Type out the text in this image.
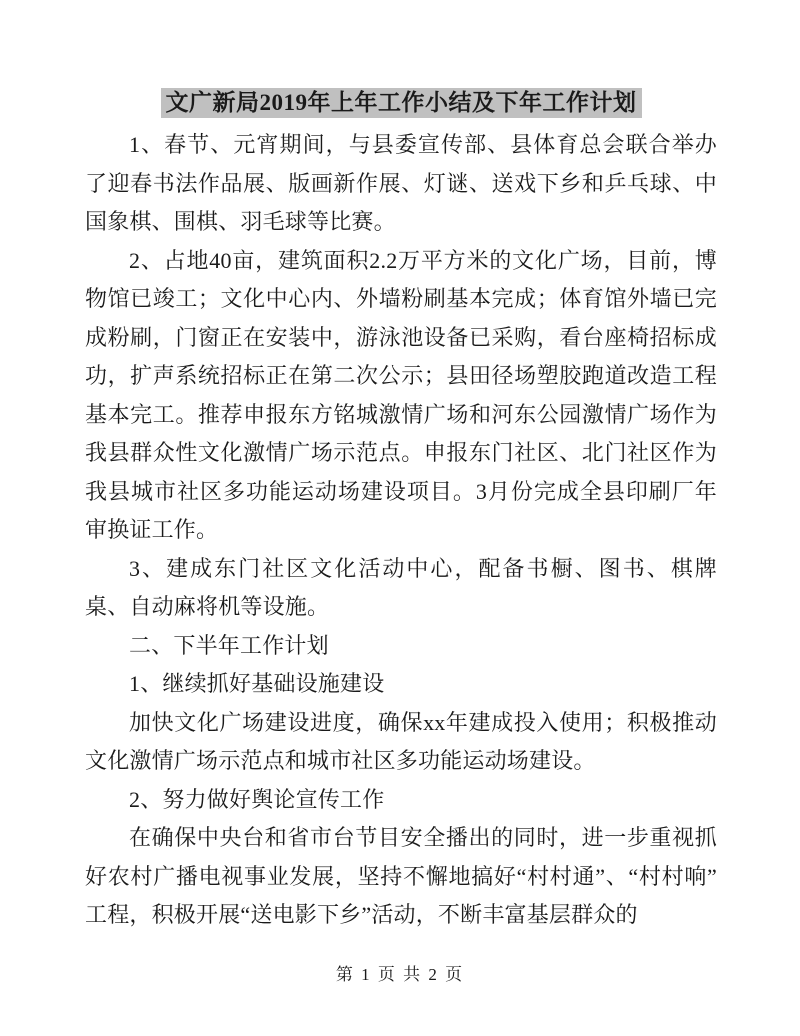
文广新局2019年上年工作小结及下年工作计划

1、春节、元宵期间，与县委宣传部、县体育总会联合举办了迎春书法作品展、版画新作展、灯谜、送戏下乡和乒乓球、中国象棋、围棋、羽毛球等比赛。

2、占地40亩，建筑面积2.2万平方米的文化广场，目前，博物馆已竣工；文化中心内、外墙粉刷基本完成；体育馆外墙已完成粉刷，门窗正在安装中，游泳池设备已采购，看台座椅招标成功，扩声系统招标正在第二次公示；县田径场塑胶跑道改造工程基本完工。推荐申报东方铭城激情广场和河东公园激情广场作为我县群众性文化激情广场示范点。申报东门社区、北门社区作为我县城市社区多功能运动场建设项目。3月份完成全县印刷厂年审换证工作。

3、建成东门社区文化活动中心，配备书橱、图书、棋牌桌、自动麻将机等设施。

二、下半年工作计划

1、继续抓好基础设施建设

加快文化广场建设进度，确保xx年建成投入使用；积极推动文化激情广场示范点和城市社区多功能运动场建设。

2、努力做好舆论宣传工作

在确保中央台和省市台节目安全播出的同时，进一步重视抓好农村广播电视事业发展，坚持不懈地搞好“村村通”、“村村响”工程，积极开展“送电影下乡”活动，不断丰富基层群众的

第 1 页 共 2 页
